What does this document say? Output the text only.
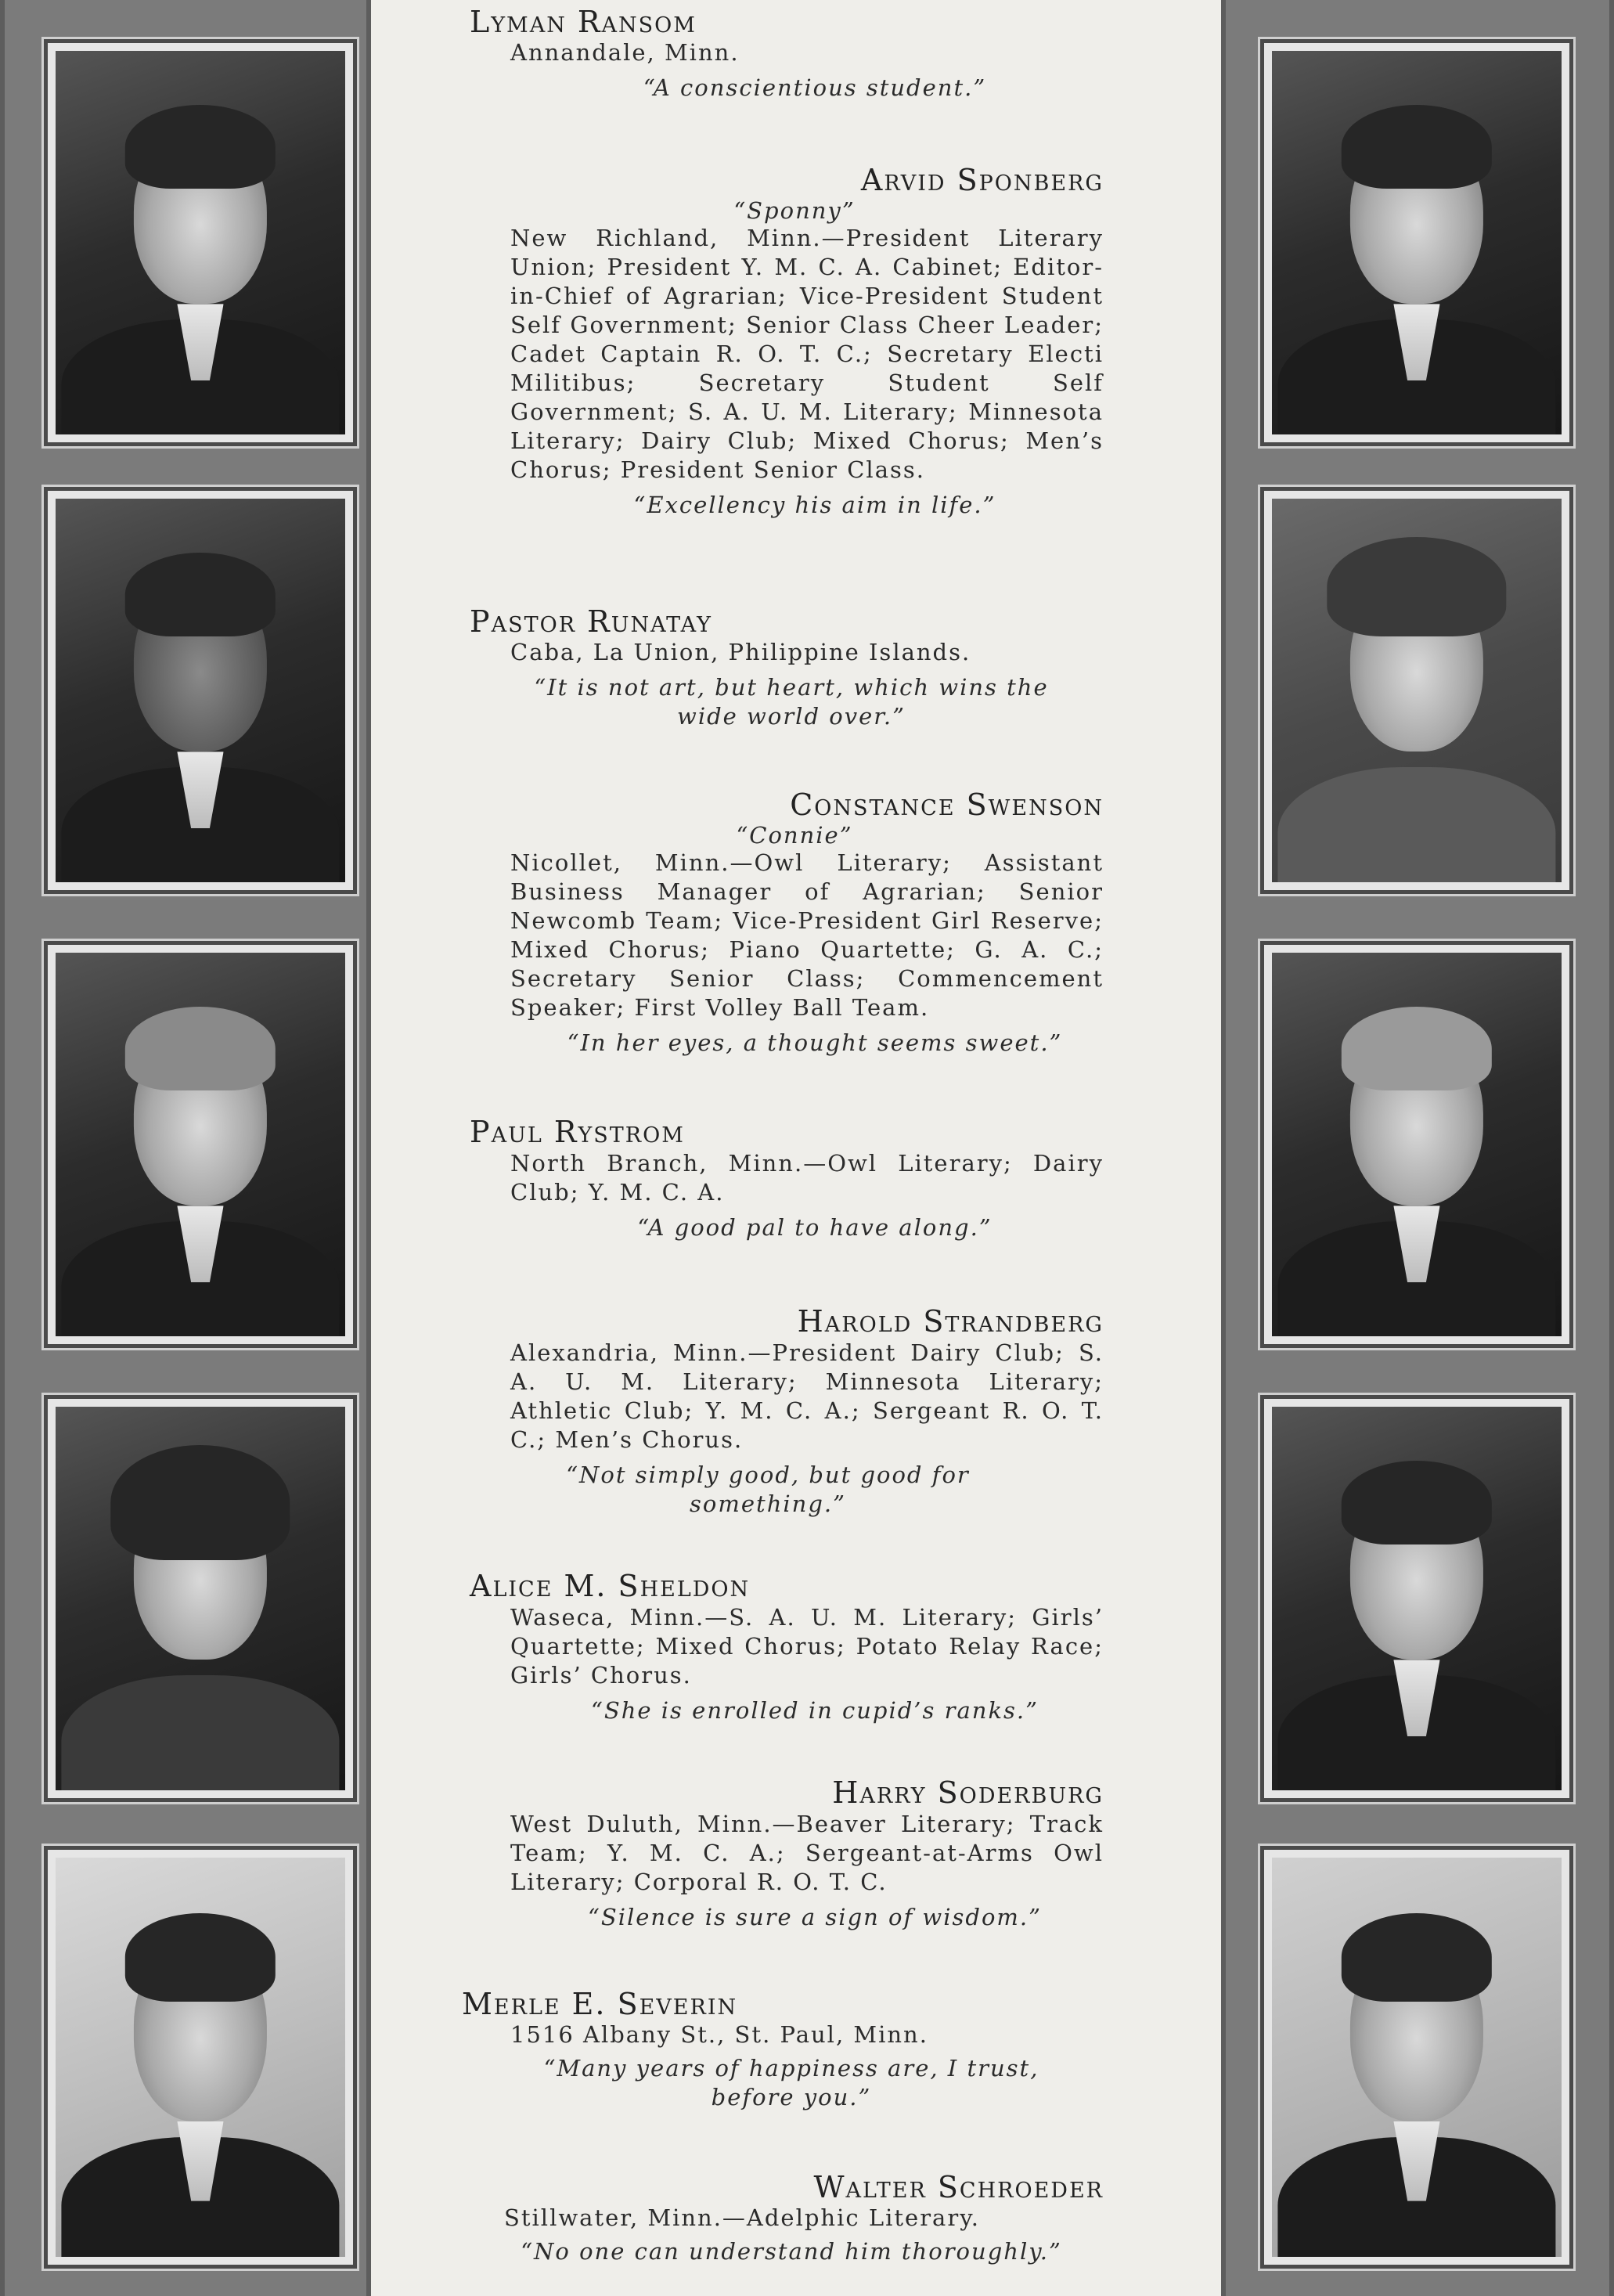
Lyman Ransom
Annandale, Minn.
“A conscientious student.”
Arvid Sponberg
“Sponny”
New Richland, Minn.—President Literary Union; President Y. M. C. A. Cabinet; Editor-in-Chief of Agrarian; Vice-President Student Self Government; Senior Class Cheer Leader; Cadet Captain R. O. T. C.; Secretary Electi Militibus; Secretary Student Self Government; S. A. U. M. Literary; Minnesota Literary; Dairy Club; Mixed Chorus; Men’s Chorus; President Senior Class.
“Excellency his aim in life.”
Pastor Runatay
Caba, La Union, Philippine Islands.
“It is not art, but heart, which wins the wide world over.”
Constance Swenson
“Connie”
Nicollet, Minn.—Owl Literary; Assistant Business Manager of Agrarian; Senior Newcomb Team; Vice-President Girl Reserve; Mixed Chorus; Piano Quartette; G. A. C.; Secretary Senior Class; Commencement Speaker; First Volley Ball Team.
“In her eyes, a thought seems sweet.”
Paul Rystrom
North Branch, Minn.—Owl Literary; Dairy Club; Y. M. C. A.
“A good pal to have along.”
Harold Strandberg
Alexandria, Minn.—President Dairy Club; S. A. U. M. Literary; Minnesota Literary; Athletic Club; Y. M. C. A.; Sergeant R. O. T. C.; Men’s Chorus.
“Not simply good, but good for something.”
Alice M. Sheldon
Waseca, Minn.—S. A. U. M. Literary; Girls’ Quartette; Mixed Chorus; Potato Relay Race; Girls’ Chorus.
“She is enrolled in cupid’s ranks.”
Harry Soderburg
West Duluth, Minn.—Beaver Literary; Track Team; Y. M. C. A.; Sergeant-at-Arms Owl Literary; Corporal R. O. T. C.
“Silence is sure a sign of wisdom.”
Merle E. Severin
1516 Albany St., St. Paul, Minn.
“Many years of happiness are, I trust, before you.”
Walter Schroeder
Stillwater, Minn.—Adelphic Literary.
“No one can understand him thoroughly.”
